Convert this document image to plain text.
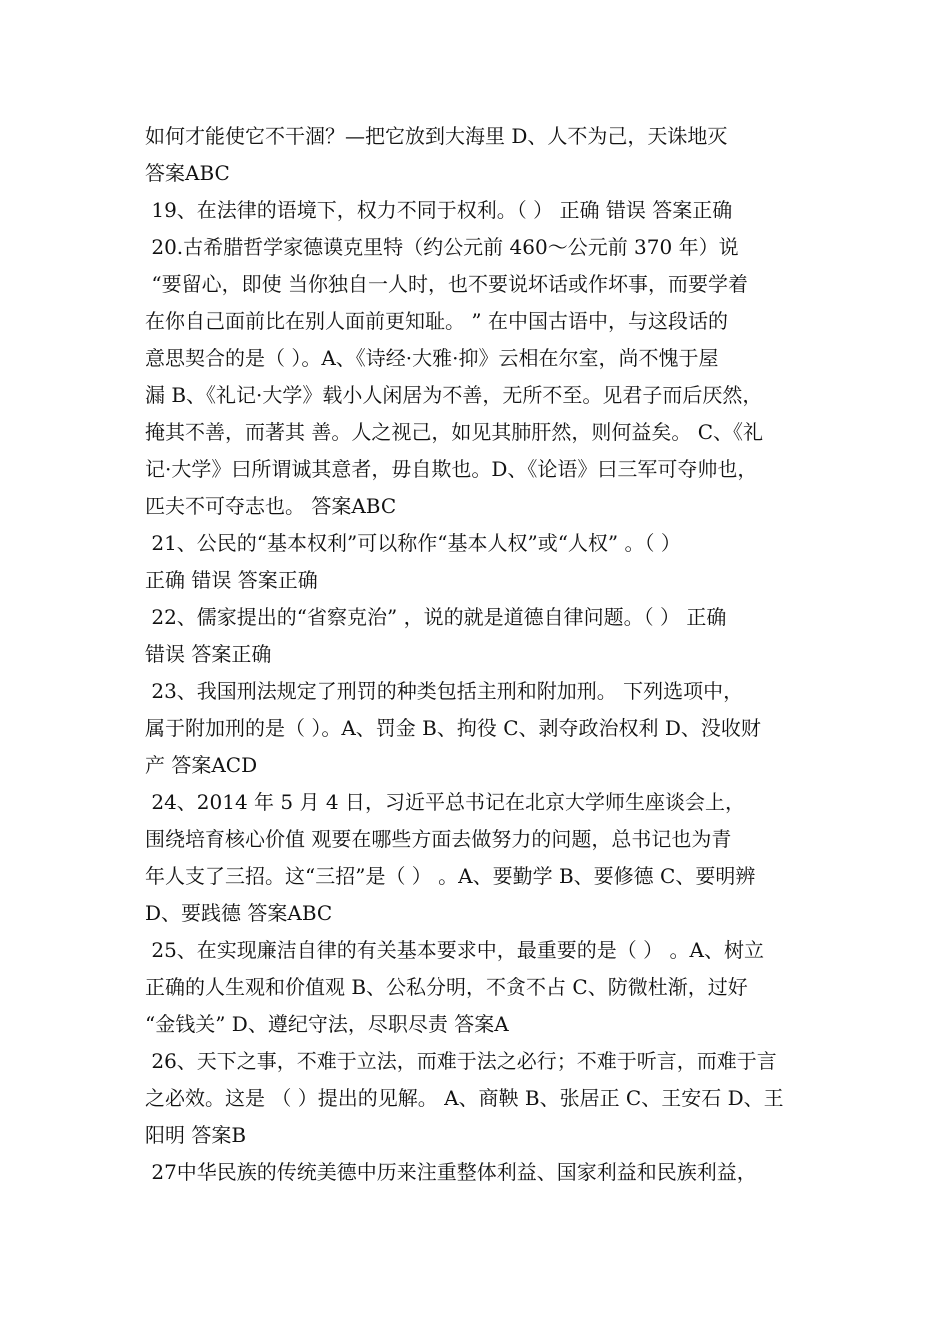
如何才能使它不干涸？—把它放到大海里 D、人不为己，天诛地灭
答案ABC
19、在法律的语境下，权力不同于权利。（ ） 正确 错误 答案正确
20.古希腊哲学家德谟克里特（约公元前 460～公元前 370 年）说
“要留心，即使 当你独自一人时，也不要说坏话或作坏事，而要学着
在你自己面前比在别人面前更知耻。 ” 在中国古语中，与这段话的
意思契合的是（ ）。A、《诗经·大雅·抑》云相在尔室，尚不愧于屋
漏 B、《礼记·大学》载小人闲居为不善，无所不至。见君子而后厌然，
掩其不善，而著其 善。人之视己，如见其肺肝然，则何益矣。 C、《礼
记·大学》曰所谓诚其意者，毋自欺也。D、《论语》曰三军可夺帅也，
匹夫不可夺志也。 答案ABC
21、公民的“基本权利”可以称作“基本人权”或“人权” 。（ ）
正确 错误 答案正确
22、儒家提出的“省察克治” ，说的就是道德自律问题。（ ） 正确
错误 答案正确
23、我国刑法规定了刑罚的种类包括主刑和附加刑。 下列选项中，
属于附加刑的是（ ）。A、罚金 B、拘役 C、剥夺政治权利 D、没收财
产 答案ACD
24、2014 年 5 月 4 日，习近平总书记在北京大学师生座谈会上，
围绕培育核心价值 观要在哪些方面去做努力的问题，总书记也为青
年人支了三招。这“三招”是（ ） 。A、要勤学 B、要修德 C、要明辨
D、要践德 答案ABC
25、在实现廉洁自律的有关基本要求中，最重要的是（ ） 。A、树立
正确的人生观和价值观 B、公私分明，不贪不占 C、防微杜渐，过好
“金钱关” D、遵纪守法，尽职尽责 答案A
26、天下之事，不难于立法，而难于法之必行；不难于听言，而难于言
之必效。这是 （ ）提出的见解。 A、商鞅 B、张居正 C、王安石 D、王
阳明 答案B
27中华民族的传统美德中历来注重整体利益、国家利益和民族利益，
